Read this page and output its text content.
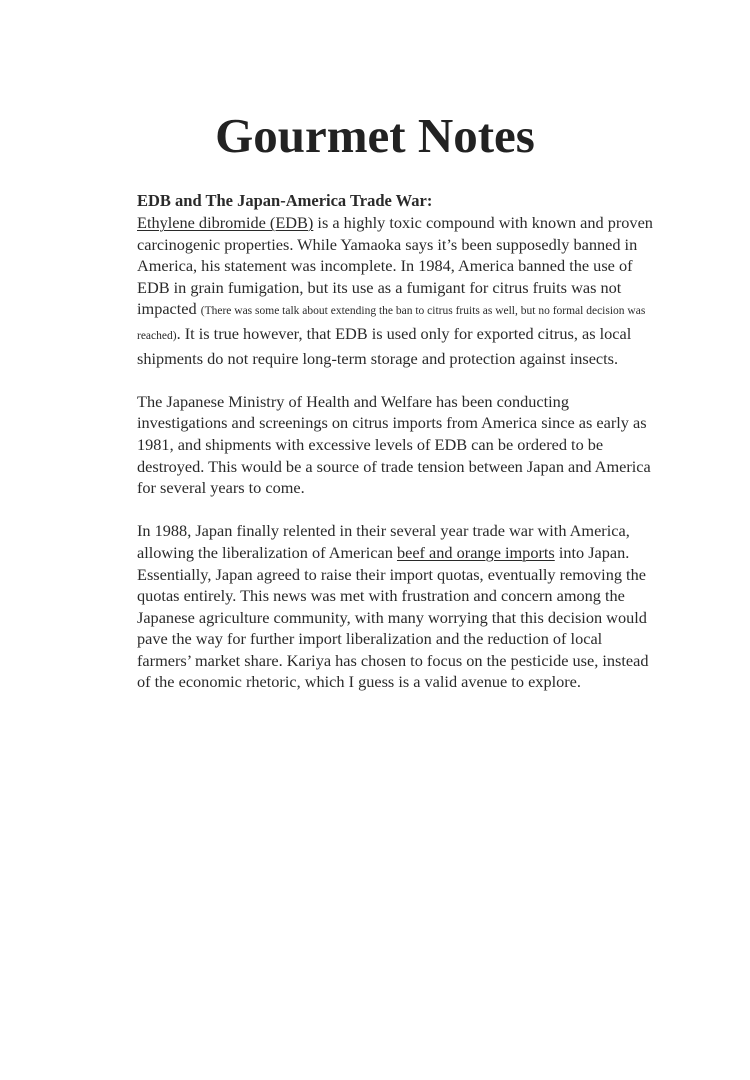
Gourmet Notes

EDB and The Japan-America Trade War:

Ethylene dibromide (EDB) is a highly toxic compound with known and proven carcinogenic properties. While Yamaoka says it’s been supposedly banned in America, his statement was incomplete. In 1984, America banned the use of EDB in grain fumigation, but its use as a fumigant for citrus fruits was not impacted (There was some talk about extending the ban to citrus fruits as well, but no formal decision was reached). It is true however, that EDB is used only for exported citrus, as local shipments do not require long-term storage and protection against insects.

The Japanese Ministry of Health and Welfare has been conducting investigations and screenings on citrus imports from America since as early as 1981, and shipments with excessive levels of EDB can be ordered to be destroyed. This would be a source of trade tension between Japan and America for several years to come.

In 1988, Japan finally relented in their several year trade war with America, allowing the liberalization of American beef and orange imports into Japan. Essentially, Japan agreed to raise their import quotas, eventually removing the quotas entirely. This news was met with frustration and concern among the Japanese agriculture community, with many worrying that this decision would pave the way for further import liberalization and the reduction of local farmers’ market share. Kariya has chosen to focus on the pesticide use, instead of the economic rhetoric, which I guess is a valid avenue to explore.
